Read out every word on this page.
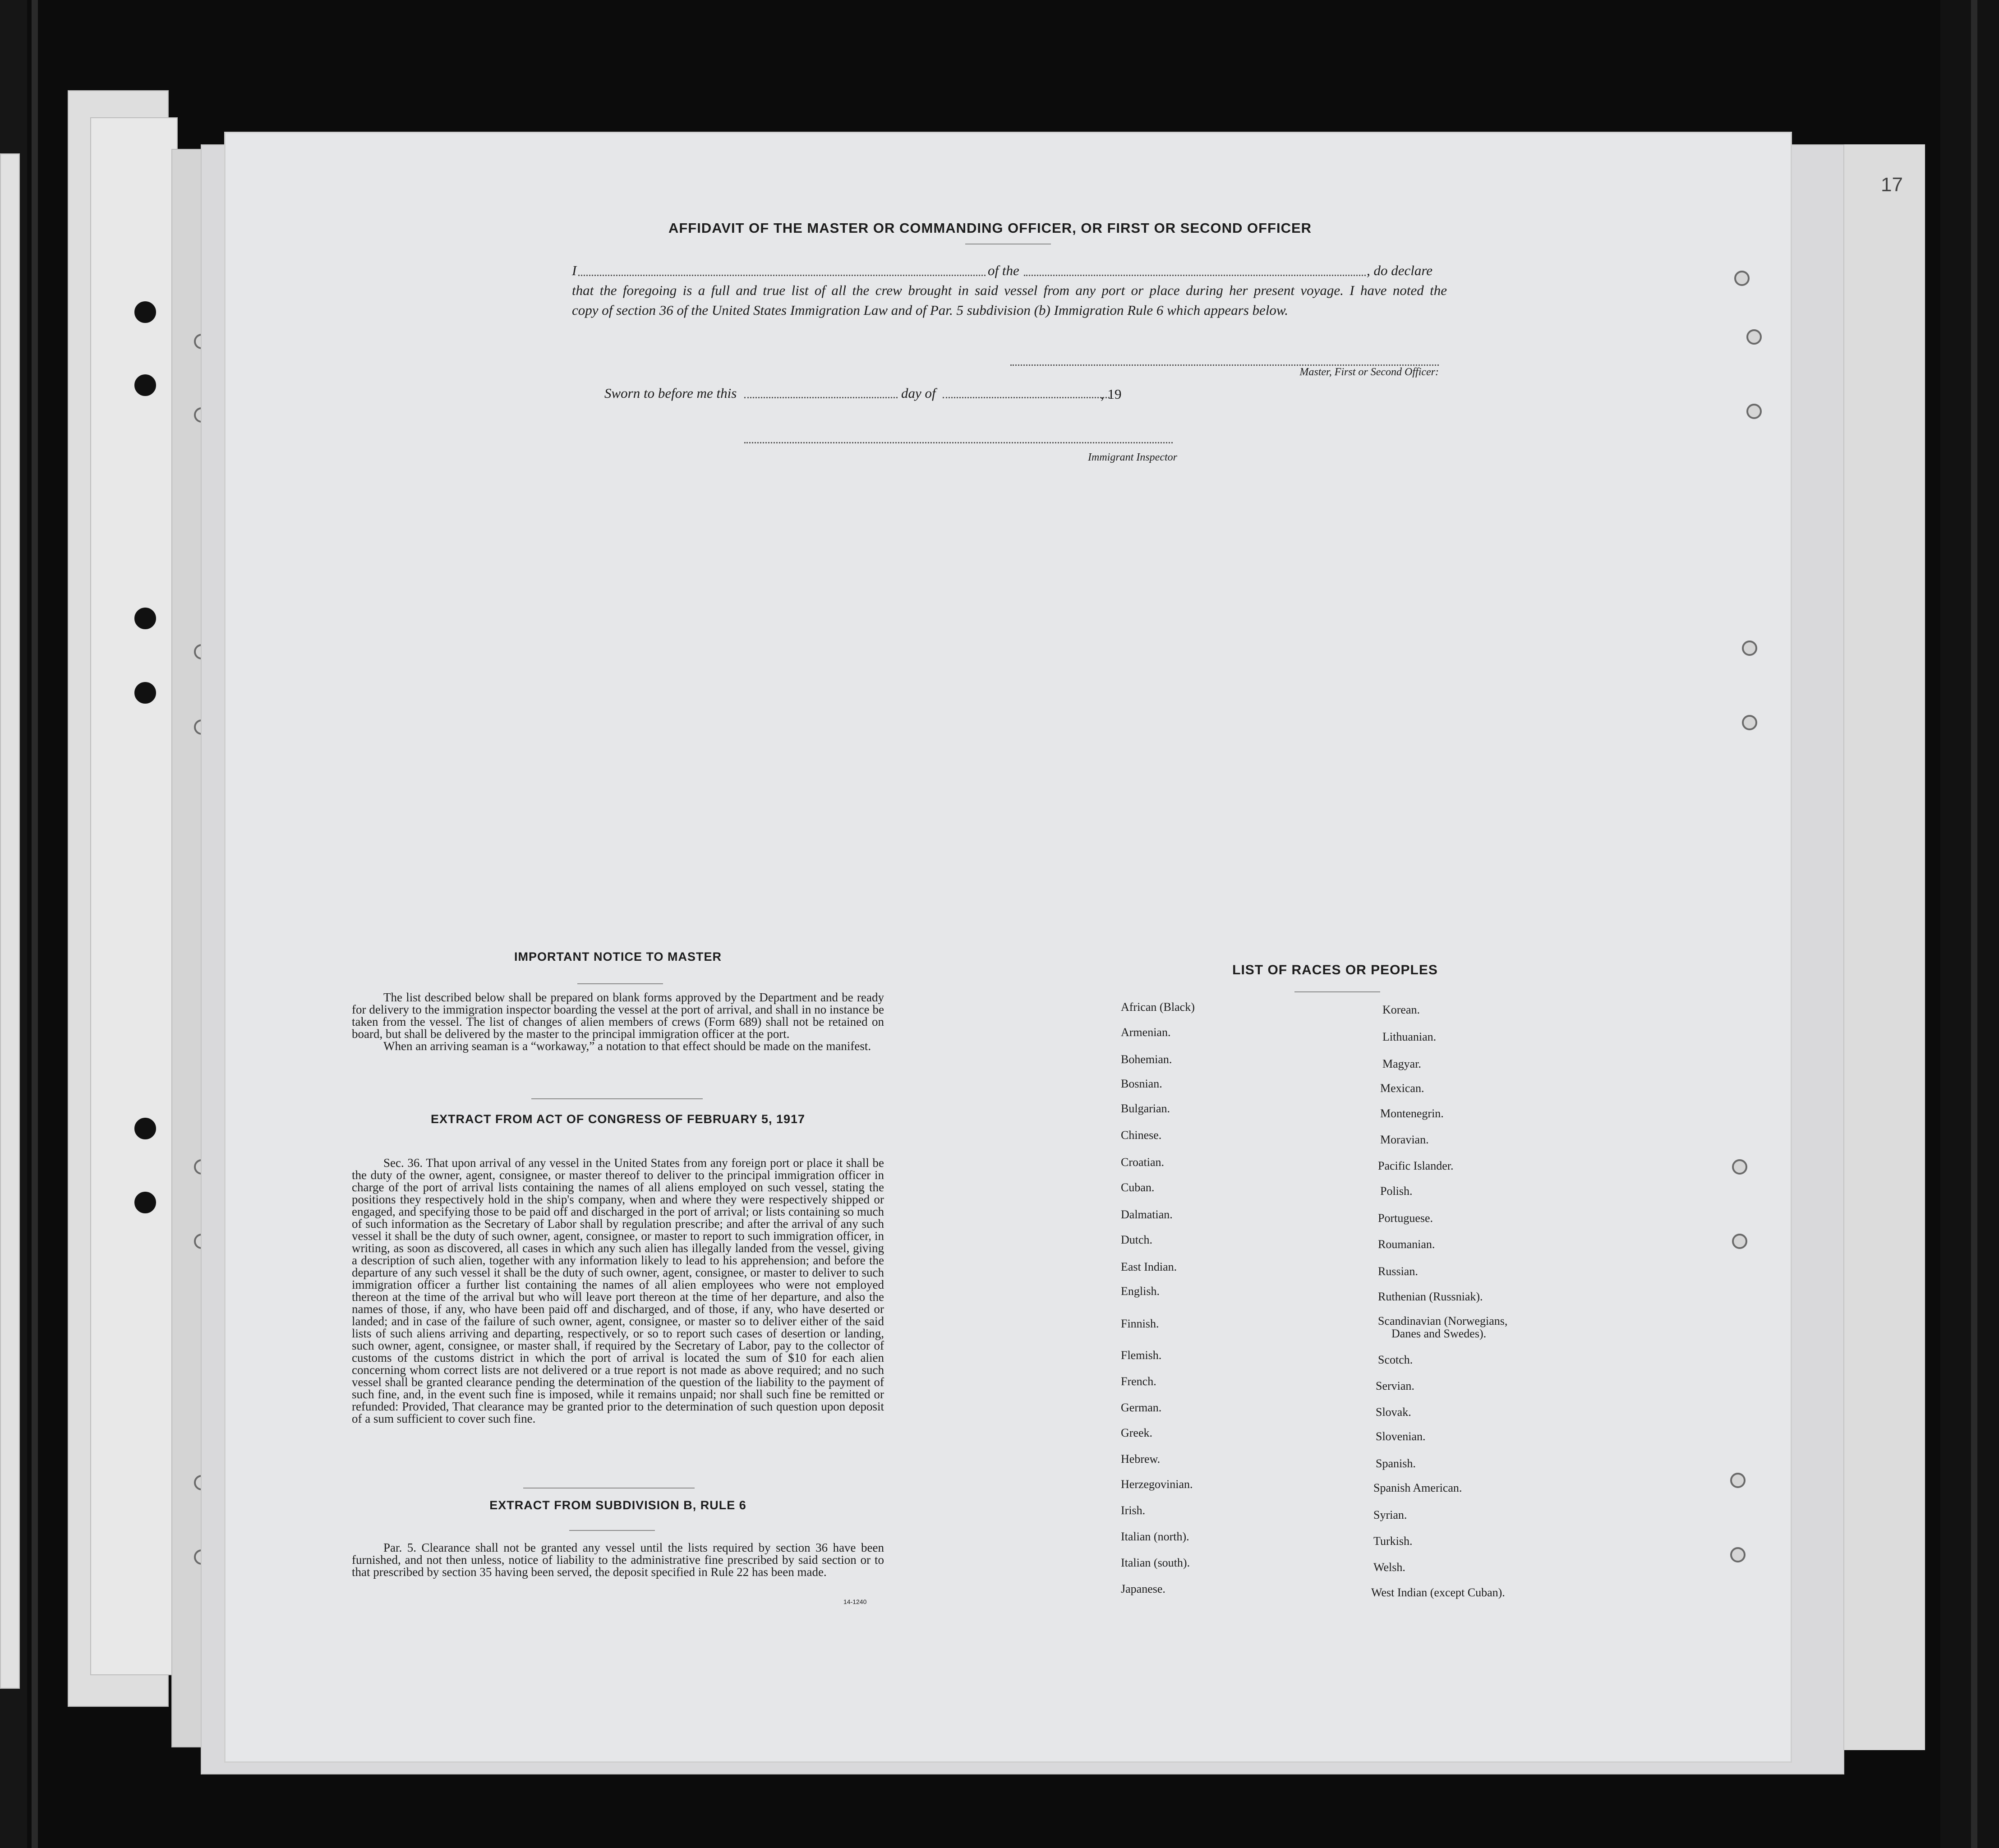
17
AFFIDAVIT OF THE MASTER OR COMMANDING OFFICER, OR FIRST OR SECOND OFFICER
I	of the	, do declare
that the foregoing is a full and true list of all the crew brought in said vessel from any port or place during her present voyage. I have noted the
copy of section 36 of the United States Immigration Law and of Par. 5 subdivision (b) Immigration Rule 6 which appears below.
Master, First or Second Officer:
Sworn to before me this	day of	, 19
Immigrant Inspector
IMPORTANT NOTICE TO MASTER

The list described below shall be prepared on blank forms approved by the Department and be ready for delivery to the immigration inspector boarding the vessel at the port of arrival, and shall in no instance be taken from the vessel. The list of changes of alien members of crews (Form 689) shall not be retained on board, but shall be delivered by the master to the principal immigration officer at the port.

When an arriving seaman is a “workaway,” a notation to that effect should be made on the manifest.

EXTRACT FROM ACT OF CONGRESS OF FEBRUARY 5, 1917

Sec. 36. That upon arrival of any vessel in the United States from any foreign port or place it shall be the duty of the owner, agent, consignee, or master thereof to deliver to the principal immigration officer in charge of the port of arrival lists containing the names of all aliens employed on such vessel, stating the positions they respectively hold in the ship's company, when and where they were respectively shipped or engaged, and specifying those to be paid off and discharged in the port of arrival; or lists containing so much of such information as the Secretary of Labor shall by regulation prescribe; and after the arrival of any such vessel it shall be the duty of such owner, agent, consignee, or master to report to such immigration officer, in writing, as soon as discovered, all cases in which any such alien has illegally landed from the vessel, giving a description of such alien, together with any information likely to lead to his apprehension; and before the departure of any such vessel it shall be the duty of such owner, agent, consignee, or master to deliver to such immigration officer a further list containing the names of all alien employees who were not employed thereon at the time of the arrival but who will leave port thereon at the time of her departure, and also the names of those, if any, who have been paid off and discharged, and of those, if any, who have deserted or landed; and in case of the failure of such owner, agent, consignee, or master so to deliver either of the said lists of such aliens arriving and departing, respectively, or so to report such cases of desertion or landing, such owner, agent, consignee, or master shall, if required by the Secretary of Labor, pay to the collector of customs of the customs district in which the port of arrival is located the sum of $10 for each alien concerning whom correct lists are not delivered or a true report is not made as above required; and no such vessel shall be granted clearance pending the determination of the question of the liability to the payment of such fine, and, in the event such fine is imposed, while it remains unpaid; nor shall such fine be remitted or refunded: Provided, That clearance may be granted prior to the determination of such question upon deposit of a sum sufficient to cover such fine.

EXTRACT FROM SUBDIVISION B, RULE 6

Par. 5. Clearance shall not be granted any vessel until the lists required by section 36 have been furnished, and not then unless, notice of liability to the administrative fine prescribed by said section or to that prescribed by section 35 having been served, the deposit specified in Rule 22 has been made.

14-1240
LIST OF RACES OR PEOPLES
African (Black)
Armenian.
Bohemian.
Bosnian.
Bulgarian.
Chinese.
Croatian.
Cuban.
Dalmatian.
Dutch.
East Indian.
English.
Finnish.
Flemish.
French.
German.
Greek.
Hebrew.
Herzegovinian.
Irish.
Italian (north).
Italian (south).
Japanese.
Korean.
Lithuanian.
Magyar.
Mexican.
Montenegrin.
Moravian.
Pacific Islander.
Polish.
Portuguese.
Roumanian.
Russian.
Ruthenian (Russniak).
Scandinavian (Norwegians,
Danes and Swedes).
Scotch.
Servian.
Slovak.
Slovenian.
Spanish.
Spanish American.
Syrian.
Turkish.
Welsh.
West Indian (except Cuban).
